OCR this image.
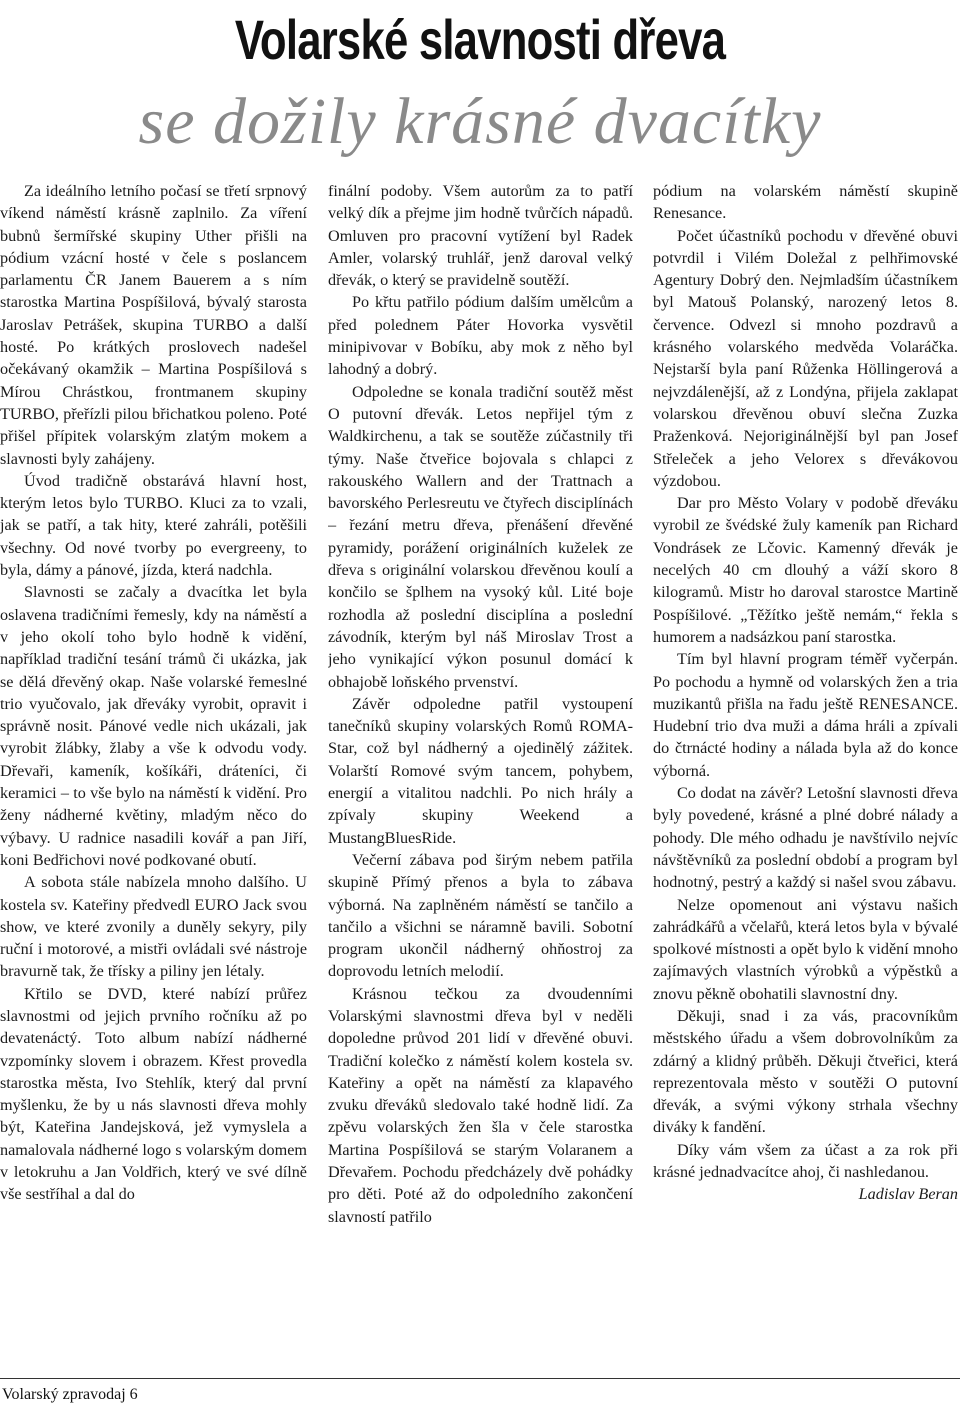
Volarské slavnosti dřeva
se dožily krásné dvacítky

Za ideálního letního počasí se třetí srpnový víkend náměstí krásně zaplnilo. Za víření bubnů šermířské skupiny Uther přišli na pódium vzácní hosté v čele s poslancem parlamentu ČR Janem Bauerem a s ním starostka Martina Pospíšilová, bývalý starosta Jaroslav Petrášek, skupina TURBO a další hosté. Po krátkých proslovech nadešel očekávaný okamžik – Martina Pospíšilová s Mírou Chrástkou, frontmanem skupiny TURBO, přeřízli pilou břichatkou poleno. Poté přišel přípitek volarským zlatým mokem a slavnosti byly zahájeny.

Úvod tradičně obstarává hlavní host, kterým letos bylo TURBO. Kluci za to vzali, jak se patří, a tak hity, které zahráli, potěšili všechny. Od nové tvorby po evergreeny, to byla, dámy a pánové, jízda, která nadchla.

Slavnosti se začaly a dvacítka let byla oslavena tradičními řemesly, kdy na náměstí a v jeho okolí toho bylo hodně k vidění, například tradiční tesání trámů či ukázka, jak se dělá dřevěný okap. Naše volarské řemeslné trio vyučovalo, jak dřeváky vyrobit, opravit i správně nosit. Pánové vedle nich ukázali, jak vyrobit žlábky, žlaby a vše k odvodu vody. Dřevaři, kameník, košíkáři, dráteníci, či keramici – to vše bylo na náměstí k vidění. Pro ženy nádherné květiny, mladým něco do výbavy. U radnice nasadili kovář a pan Jiří, koni Bedřichovi nové podkované obutí.

A sobota stále nabízela mnoho dalšího. U kostela sv. Kateřiny předvedl EURO Jack svou show, ve které zvonily a duněly sekyry, pily ruční i motorové, a mistři ovládali své nástroje bravurně tak, že třísky a piliny jen létaly.

Křtilo se DVD, které nabízí průřez slavnostmi od jejich prvního ročníku až po devatenáctý. Toto album nabízí nádherné vzpomínky slovem i obrazem. Křest provedla starostka města, Ivo Stehlík, který dal první myšlenku, že by u nás slavnosti dřeva mohly být, Kateřina Jandejsková, jež vymyslela a namalovala nádherné logo s volarským domem v letokruhu a Jan Voldřich, který ve své dílně vše sestříhal a dal do

finální podoby. Všem autorům za to patří velký dík a přejme jim hodně tvůrčích nápadů. Omluven pro pracovní vytížení byl Radek Amler, volarský truhlář, jenž daroval velký dřevák, o který se pravidelně soutěží.

Po křtu patřilo pódium dalším umělcům a před polednem Páter Hovorka vysvětil minipivovar v Bobíku, aby mok z něho byl lahodný a dobrý.

Odpoledne se konala tradiční soutěž měst O putovní dřevák. Letos nepřijel tým z Waldkirchenu, a tak se soutěže zúčastnily tři týmy. Naše čtveřice bojovala s chlapci z rakouského Wallern and der Trattnach a bavorského Perlesreutu ve čtyřech disciplínách – řezání metru dřeva, přenášení dřevěné pyramidy, porážení originálních kuželek ze dřeva s originální volarskou dřevěnou koulí a končilo se šplhem na vysoký kůl. Lité boje rozhodla až poslední disciplína a poslední závodník, kterým byl náš Miroslav Trost a jeho vynikající výkon posunul domácí k obhajobě loňského prvenství.

Závěr odpoledne patřil vystoupení tanečníků skupiny volarských Romů ROMA-Star, což byl nádherný a ojedinělý zážitek. Volarští Romové svým tancem, pohybem, energií a vitalitou nadchli. Po nich hrály a zpívaly skupiny Weekend a MustangBluesRide.

Večerní zábava pod širým nebem patřila skupině Přímý přenos a byla to zábava výborná. Na zaplněném náměstí se tančilo a tančilo a všichni se náramně bavili. Sobotní program ukončil nádherný ohňostroj za doprovodu letních melodií.

Krásnou tečkou za dvoudenními Volarskými slavnostmi dřeva byl v neděli dopoledne průvod 201 lidí v dřevěné obuvi. Tradiční kolečko z náměstí kolem kostela sv. Kateřiny a opět na náměstí za klapavého zvuku dřeváků sledovalo také hodně lidí. Za zpěvu volarských žen šla v čele starostka Martina Pospíšilová se starým Volaranem a Dřevařem. Pochodu předcházely dvě pohádky pro děti. Poté až do odpoledního zakončení slavností patřilo

pódium na volarském náměstí skupině Renesance.

Počet účastníků pochodu v dřevěné obuvi potvrdil i Vilém Doležal z pelhřimovské Agentury Dobrý den. Nejmladším účastníkem byl Matouš Polanský, narozený letos 8. července. Odvezl si mnoho pozdravů a krásného volarského medvěda Volaráčka. Nejstarší byla paní Růženka Höllingerová a nejvzdálenější, až z Londýna, přijela zaklapat volarskou dřevěnou obuví slečna Zuzka Praženková. Nejoriginálnější byl pan Josef Střeleček a jeho Velorex s dřevákovou výzdobou.

Dar pro Město Volary v podobě dřeváku vyrobil ze švédské žuly kameník pan Richard Vondrásek ze Lčovic. Kamenný dřevák je necelých 40 cm dlouhý a váží skoro 8 kilogramů. Mistr ho daroval starostce Martině Pospíšilové. „Těžítko ještě nemám,“ řekla s humorem a nadsázkou paní starostka.

Tím byl hlavní program téměř vyčerpán. Po pochodu a hymně od volarských žen a tria muzikantů přišla na řadu ještě RENESANCE. Hudební trio dva muži a dáma hráli a zpívali do čtrnácté hodiny a nálada byla až do konce výborná.

Co dodat na závěr? Letošní slavnosti dřeva byly povedené, krásné a plné dobré nálady a pohody. Dle mého odhadu je navštívilo nejvíc návštěvníků za poslední období a program byl hodnotný, pestrý a každý si našel svou zábavu.

Nelze opomenout ani výstavu našich zahrádkářů a včelařů, která letos byla v bývalé spolkové místnosti a opět bylo k vidění mnoho zajímavých vlastních výrobků a výpěstků a znovu pěkně obohatili slavnostní dny.

Děkuji, snad i za vás, pracovníkům městského úřadu a všem dobrovolníkům za zdárný a klidný průběh. Děkuji čtveřici, která reprezentovala město v soutěži O putovní dřevák, a svými výkony strhala všechny diváky k fandění.

Díky vám všem za účast a za rok při krásné jednadvacítce ahoj, či nashledanou.

Ladislav Beran

Volarský zpravodaj 6
